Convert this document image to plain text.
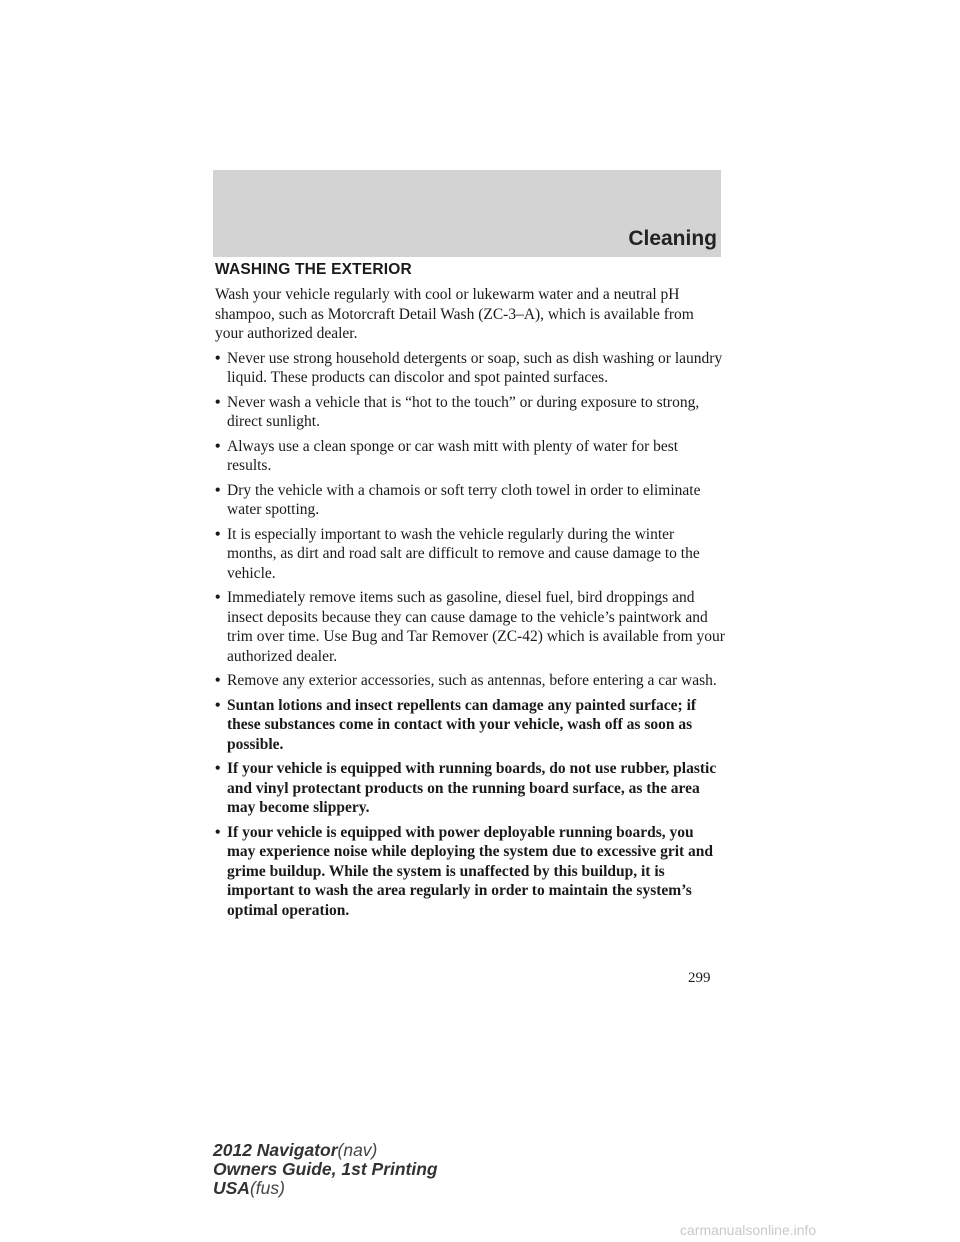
Cleaning
WASHING THE EXTERIOR

Wash your vehicle regularly with cool or lukewarm water and a neutral pH shampoo, such as Motorcraft Detail Wash (ZC-3–A), which is available from your authorized dealer.

• Never use strong household detergents or soap, such as dish washing or laundry liquid. These products can discolor and spot painted surfaces.
• Never wash a vehicle that is “hot to the touch” or during exposure to strong, direct sunlight.
• Always use a clean sponge or car wash mitt with plenty of water for best results.
• Dry the vehicle with a chamois or soft terry cloth towel in order to eliminate water spotting.
• It is especially important to wash the vehicle regularly during the winter months, as dirt and road salt are difficult to remove and cause damage to the vehicle.
• Immediately remove items such as gasoline, diesel fuel, bird droppings and insect deposits because they can cause damage to the vehicle’s paintwork and trim over time. Use Bug and Tar Remover (ZC-42) which is available from your authorized dealer.
• Remove any exterior accessories, such as antennas, before entering a car wash.
• Suntan lotions and insect repellents can damage any painted surface; if these substances come in contact with your vehicle, wash off as soon as possible.
• If your vehicle is equipped with running boards, do not use rubber, plastic and vinyl protectant products on the running board surface, as the area may become slippery.
• If your vehicle is equipped with power deployable running boards, you may experience noise while deploying the system due to excessive grit and grime buildup. While the system is unaffected by this buildup, it is important to wash the area regularly in order to maintain the system’s optimal operation.
299
2012 Navigator(nav)
Owners Guide, 1st Printing
USA(fus)
carmanualsonline.info
